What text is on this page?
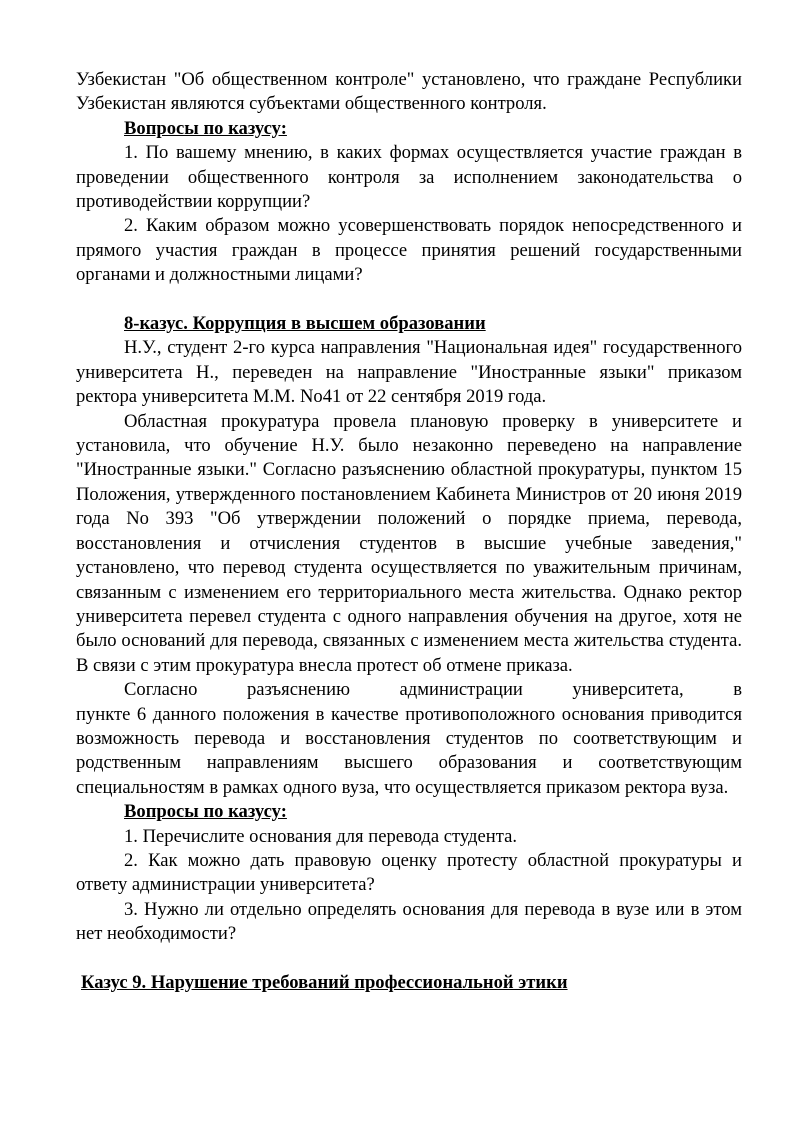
Узбекистан "Об общественном контроле" установлено, что граждане Республики Узбекистан являются субъектами общественного контроля.

Вопросы по казусу:

1. По вашему мнению, в каких формах осуществляется участие граждан в проведении общественного контроля за исполнением законодательства о противодействии коррупции?

2. Каким образом можно усовершенствовать порядок непосредственного и прямого участия граждан в процессе принятия решений государственными органами и должностными лицами?

8-казус. Коррупция в высшем образовании

Н.У., студент 2-го курса направления "Национальная идея" государственного университета Н., переведен на направление "Иностранные языки" приказом ректора университета М.М. No41 от 22 сентября 2019 года.

Областная прокуратура провела плановую проверку в университете и установила, что обучение Н.У. было незаконно переведено на направление "Иностранные языки." Согласно разъяснению областной прокуратуры, пунктом 15 Положения, утвержденного постановлением Кабинета Министров от 20 июня 2019 года No 393 "Об утверждении положений о порядке приема, перевода, восстановления и отчисления студентов в высшие учебные заведения," установлено, что перевод студента осуществляется по уважительным причинам, связанным с изменением его территориального места жительства. Однако ректор университета перевел студента с одного направления обучения на другое, хотя не было оснований для перевода, связанных с изменением места жительства студента. В связи с этим прокуратура внесла протест об отмене приказа.

Согласно разъяснению администрации университета, в

пункте 6 данного положения в качестве противоположного основания приводится возможность перевода и восстановления студентов по соответствующим и родственным направлениям высшего образования и соответствующим специальностям в рамках одного вуза, что осуществляется приказом ректора вуза.

Вопросы по казусу:

1. Перечислите основания для перевода студента.

2. Как можно дать правовую оценку протесту областной прокуратуры и ответу администрации университета?

3. Нужно ли отдельно определять основания для перевода в вузе или в этом нет необходимости?

Казус 9. Нарушение требований профессиональной этики
